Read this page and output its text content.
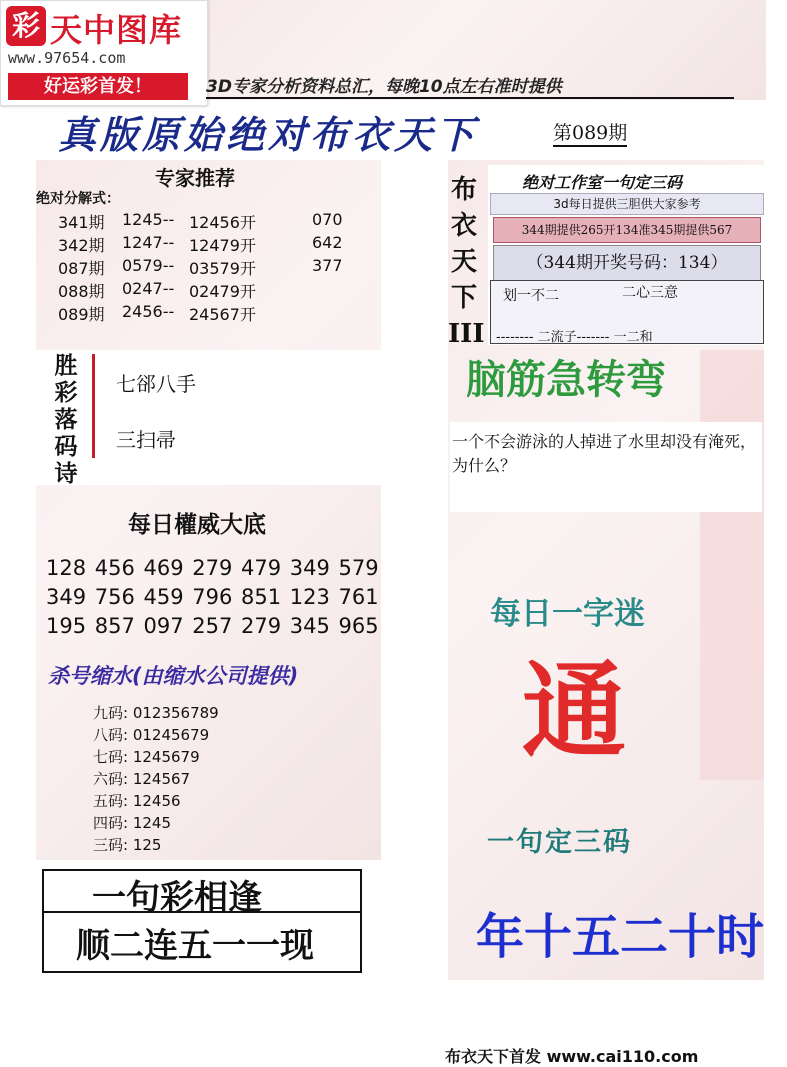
彩 天中图库
www.97654.com
好运彩首发！	3D专家分析资料总汇，每晚10点左右准时提供
真版原始绝对布衣天下	第089期
专家推荐
绝对分解式：
341期 1245-- 12456开	070
342期 1247-- 12479开	642
087期 0579-- 03579开	377
088期 0247-- 02479开
089期 2456-- 24567开
胜彩落码诗
七郤八手
三扫帚
每日權威大底
128 456 469 279 479 349 579
349 756 459 796 851 123 761
195 857 097 257 279 345 965
杀号缩水(由缩水公司提供)
九码: 012356789
八码: 01245679
七码: 1245679
六码: 124567
五码: 12456
四码: 1245
三码: 125
一句彩相逢
顺二连五一一现
布衣天下III
绝对工作室一句定三码
3d每日提供三胆供大家参考
344期提供265开134准345期提供567
（344期开奖号码：134）
划一不二	二心三意
-------- 二流子------- 一二和
脑筋急转弯
一个不会游泳的人掉进了水里却没有淹死，为什么？
每日一字迷
通
一句定三码
年十五二十时
布衣天下首发 www.cai110.com
